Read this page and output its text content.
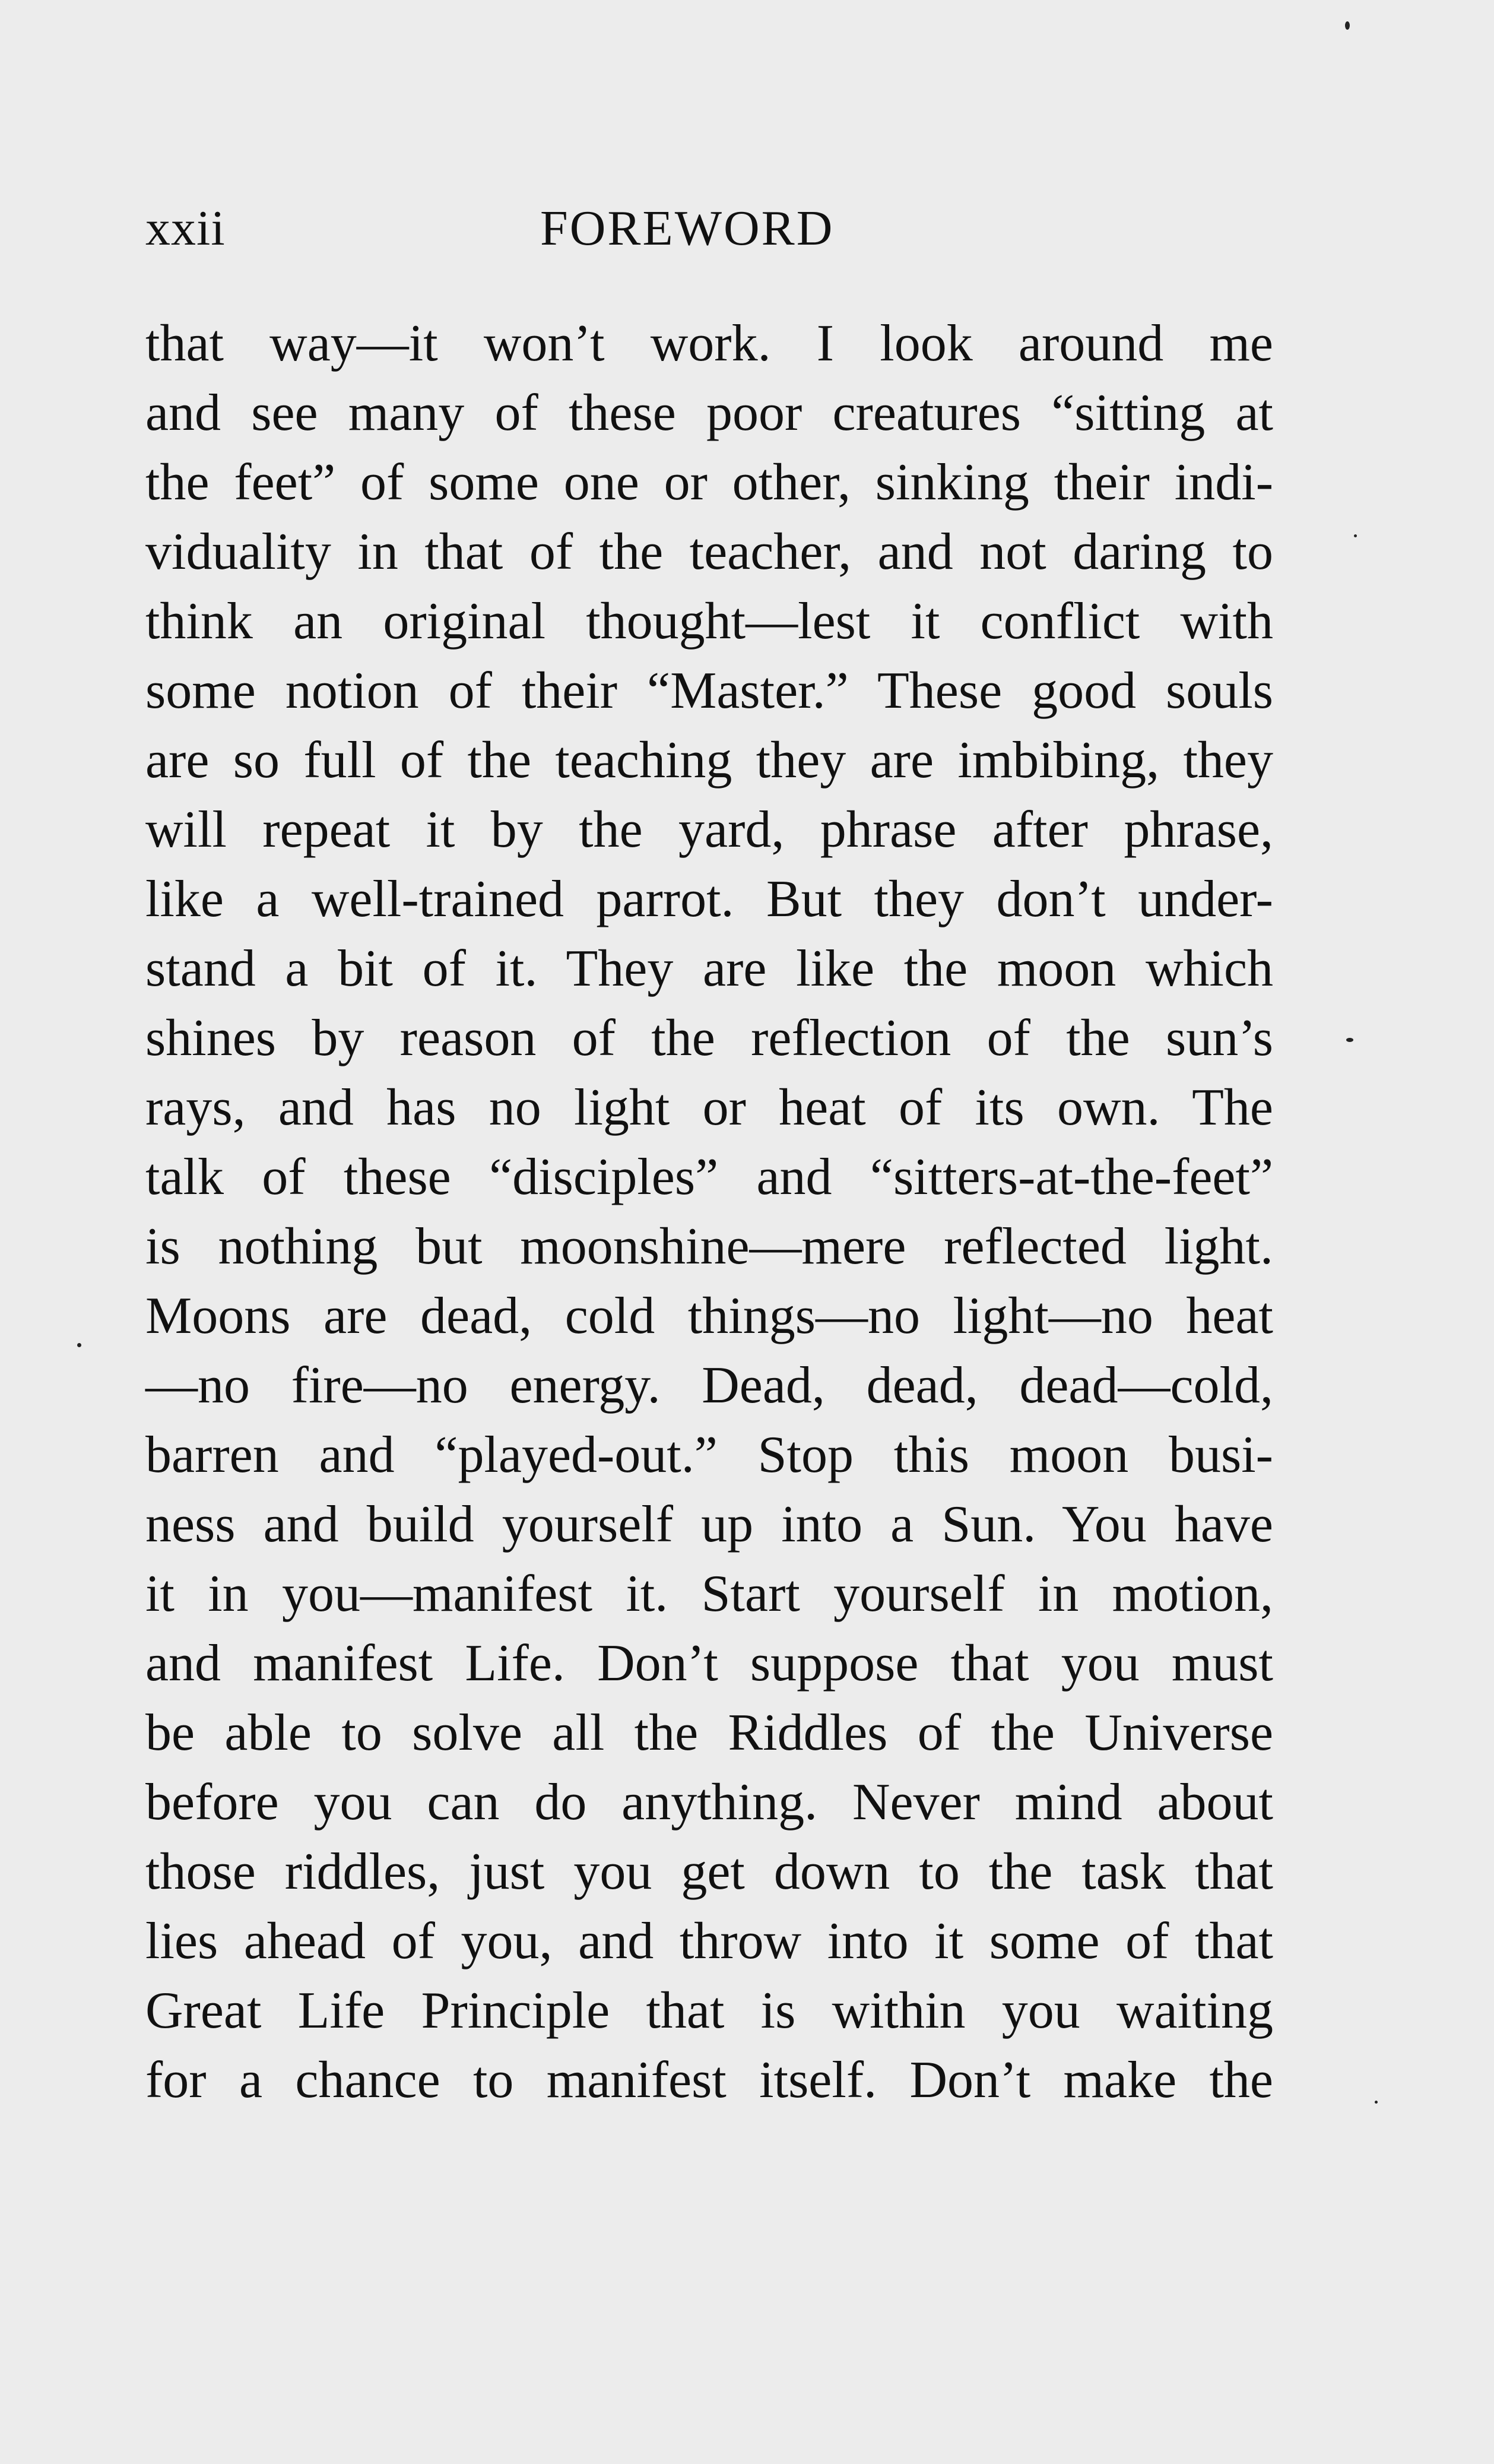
xxii	FOREWORD
that way—it won’t work. I look around me
and see many of these poor creatures “sitting at
the feet” of some one or other, sinking their indi-
viduality in that of the teacher, and not daring to
think an original thought—lest it conflict with
some notion of their “Master.” These good souls
are so full of the teaching they are imbibing, they
will repeat it by the yard, phrase after phrase,
like a well-trained parrot. But they don’t under-
stand a bit of it. They are like the moon which
shines by reason of the reflection of the sun’s
rays, and has no light or heat of its own. The
talk of these “disciples” and “sitters-at-the-feet”
is nothing but moonshine—mere reflected light.
Moons are dead, cold things—no light—no heat
—no fire—no energy. Dead, dead, dead—cold,
barren and “played-out.” Stop this moon busi-
ness and build yourself up into a Sun. You have
it in you—manifest it. Start yourself in motion,
and manifest Life. Don’t suppose that you must
be able to solve all the Riddles of the Universe
before you can do anything. Never mind about
those riddles, just you get down to the task that
lies ahead of you, and throw into it some of that
Great Life Principle that is within you waiting
for a chance to manifest itself. Don’t make the
